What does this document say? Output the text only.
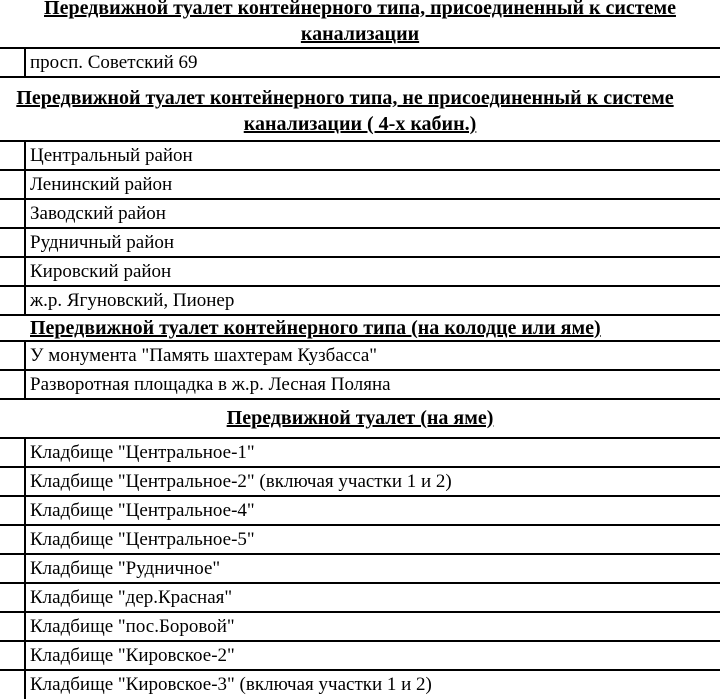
Передвижной туалет контейнерного типа, присоединенный к системе
канализации
просп. Советский 69
Передвижной туалет контейнерного типа, не присоединенный к системе
канализации ( 4-х кабин.)
Центральный район
Ленинский район
Заводский район
Рудничный район
Кировский район
ж.р. Ягуновский, Пионер
Передвижной туалет контейнерного типа (на колодце или яме)
У монумента "Память шахтерам Кузбасса"
Разворотная площадка в ж.р. Лесная Поляна
Передвижной туалет (на яме)
Кладбище "Центральное-1"
Кладбище "Центральное-2" (включая участки 1 и 2)
Кладбище "Центральное-4"
Кладбище "Центральное-5"
Кладбище "Рудничное"
Кладбище "дер.Красная"
Кладбище "пос.Боровой"
Кладбище "Кировское-2"
Кладбище "Кировское-3" (включая участки 1 и 2)
